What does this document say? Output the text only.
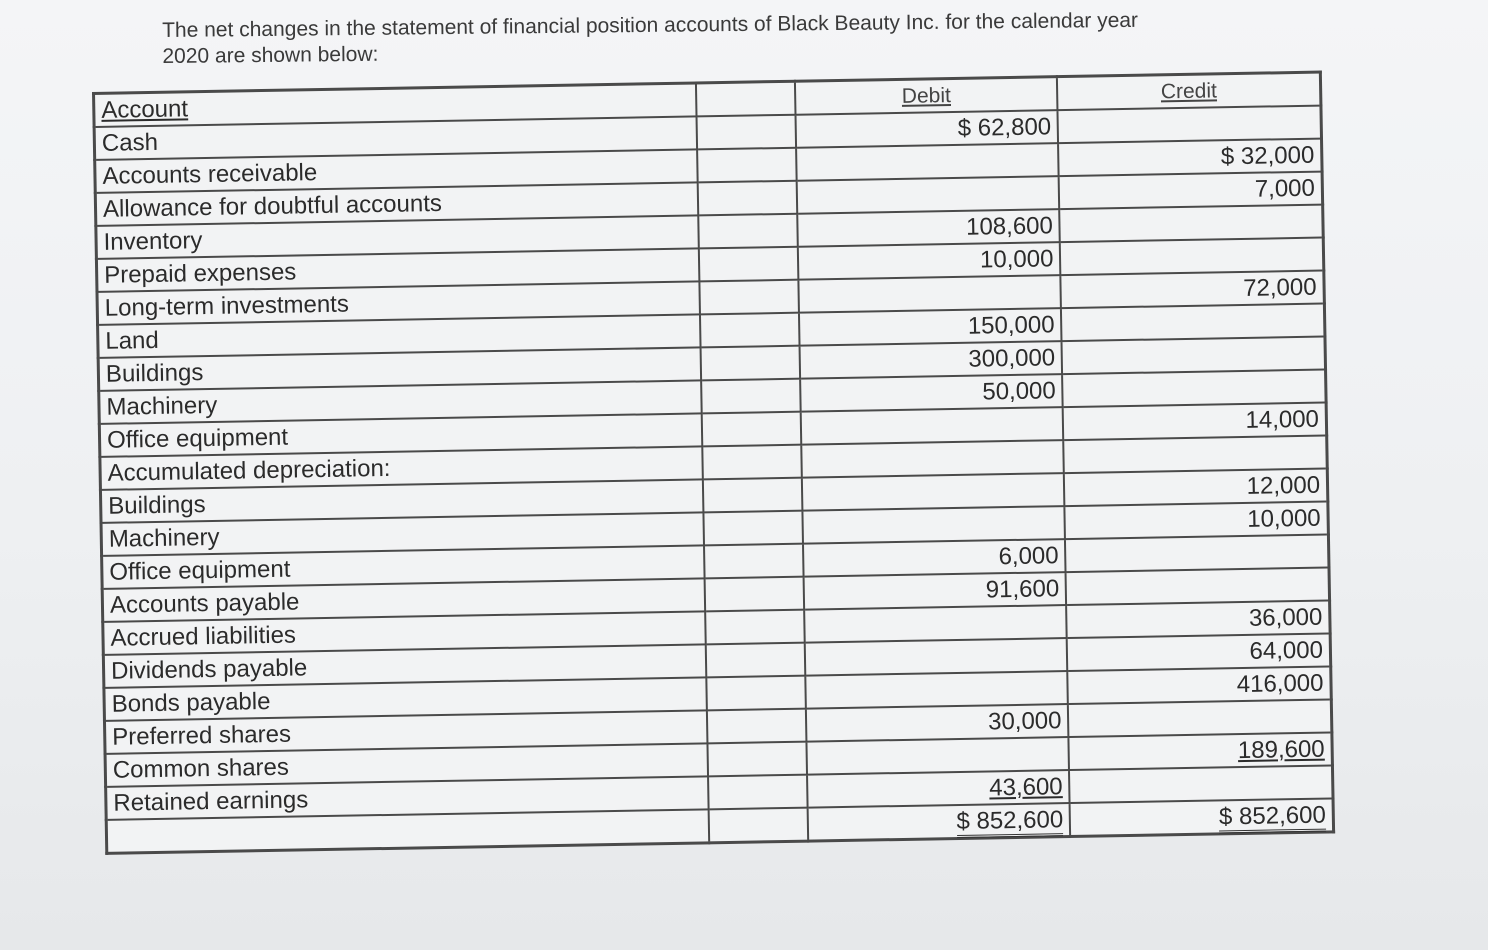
The net changes in the statement of financial position accounts of Black Beauty Inc. for the calendar year
2020 are shown below:
Account		Debit	Credit
Cash		$ 62,800	
Accounts receivable			$ 32,000
Allowance for doubtful accounts			7,000
Inventory		108,600	
Prepaid expenses		10,000	
Long-term investments			72,000
Land		150,000	
Buildings		300,000	
Machinery		50,000	
Office equipment			14,000
Accumulated depreciation:			
Buildings			12,000
Machinery			10,000
Office equipment		6,000	
Accounts payable		91,600	
Accrued liabilities			36,000
Dividends payable			64,000
Bonds payable			416,000
Preferred shares		30,000	
Common shares			189,600
Retained earnings		43,600	
		$ 852,600	$ 852,600
